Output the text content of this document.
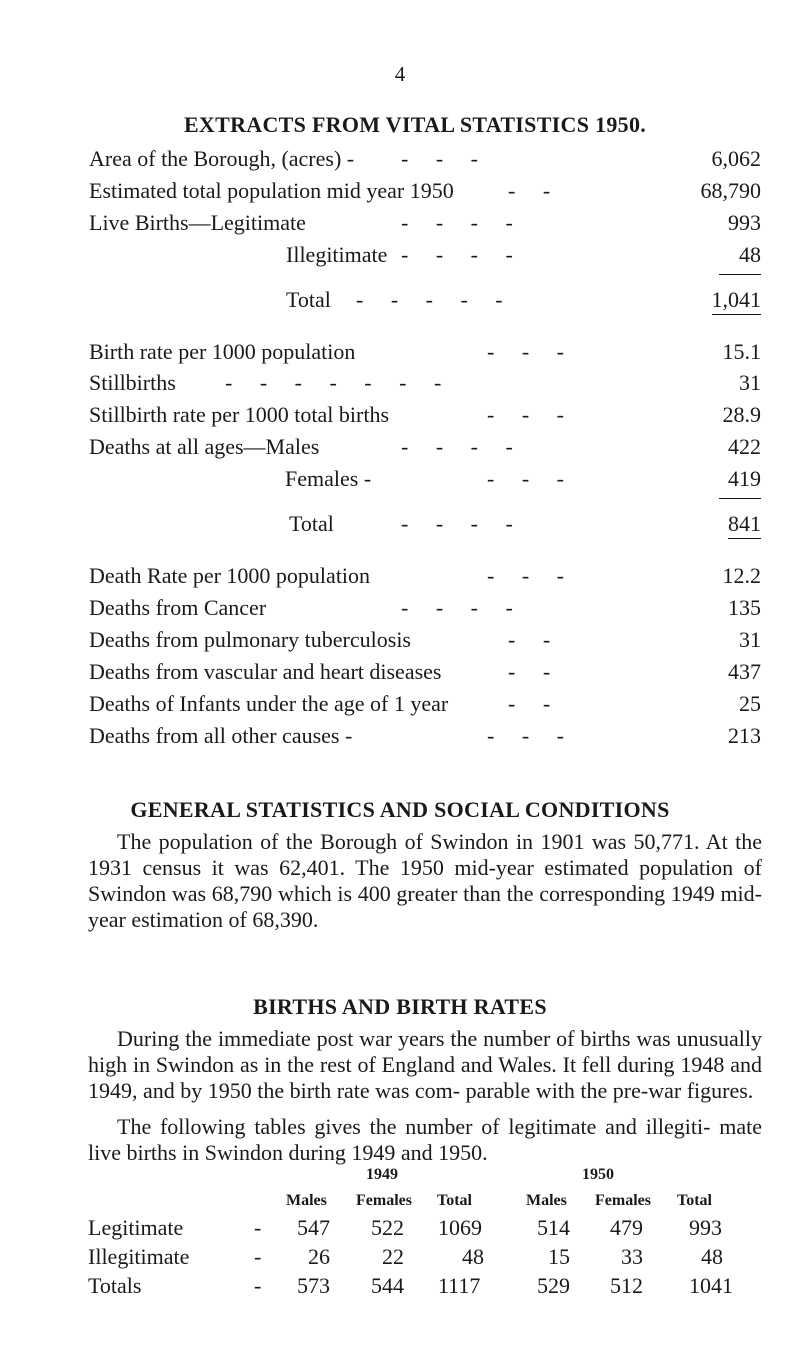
4
EXTRACTS FROM VITAL STATISTICS 1950.
Area of the Borough, (acres) - -     -     -	6,062
Estimated total population mid year 1950 -     -	68,790
Live Births—Legitimate	-     -     -     -	993
Illegitimate -     -     -     -	48
Total -     -     -     -     -	1,041
Birth rate per 1000 population	-     -     -	15.1
Stillbirths -     -     -     -     -     -     -	31
Stillbirth rate per 1000 total births	-     -     -	28.9
Deaths at all ages—Males	-     -     -     -	422
Females -	-     -     -	419
Total	-     -     -     -	841
Death Rate per 1000 population	-     -     -	12.2
Deaths from Cancer	-     -     -     -	135
Deaths from pulmonary tuberculosis	-     -	31
Deaths from vascular and heart diseases	-     -	437
Deaths of Infants under the age of 1 year	-     -	25
Deaths from all other causes -	-     -     -	213
GENERAL STATISTICS AND SOCIAL CONDITIONS

The population of the Borough of Swindon in 1901 was 50,771. At the 1931 census it was 62,401. The 1950 mid-year estimated population of Swindon was 68,790 which is 400 greater than the corresponding 1949 mid-year estimation of 68,390.

BIRTHS AND BIRTH RATES

During the immediate post war years the number of births was unusually high in Swindon as in the rest of England and Wales. It fell during 1948 and 1949, and by 1950 the birth rate was com- parable with the pre-war figures.

The following tables gives the number of legitimate and illegiti- mate live births in Swindon during 1949 and 1950.

1949	1950
Males Females Total	Males Females Total
Legitimate	- 547 522 1069	514 479 993
Illegitimate	- 26 22	48	15 33	48
Totals	- 573 544 1117	529 512 1041
